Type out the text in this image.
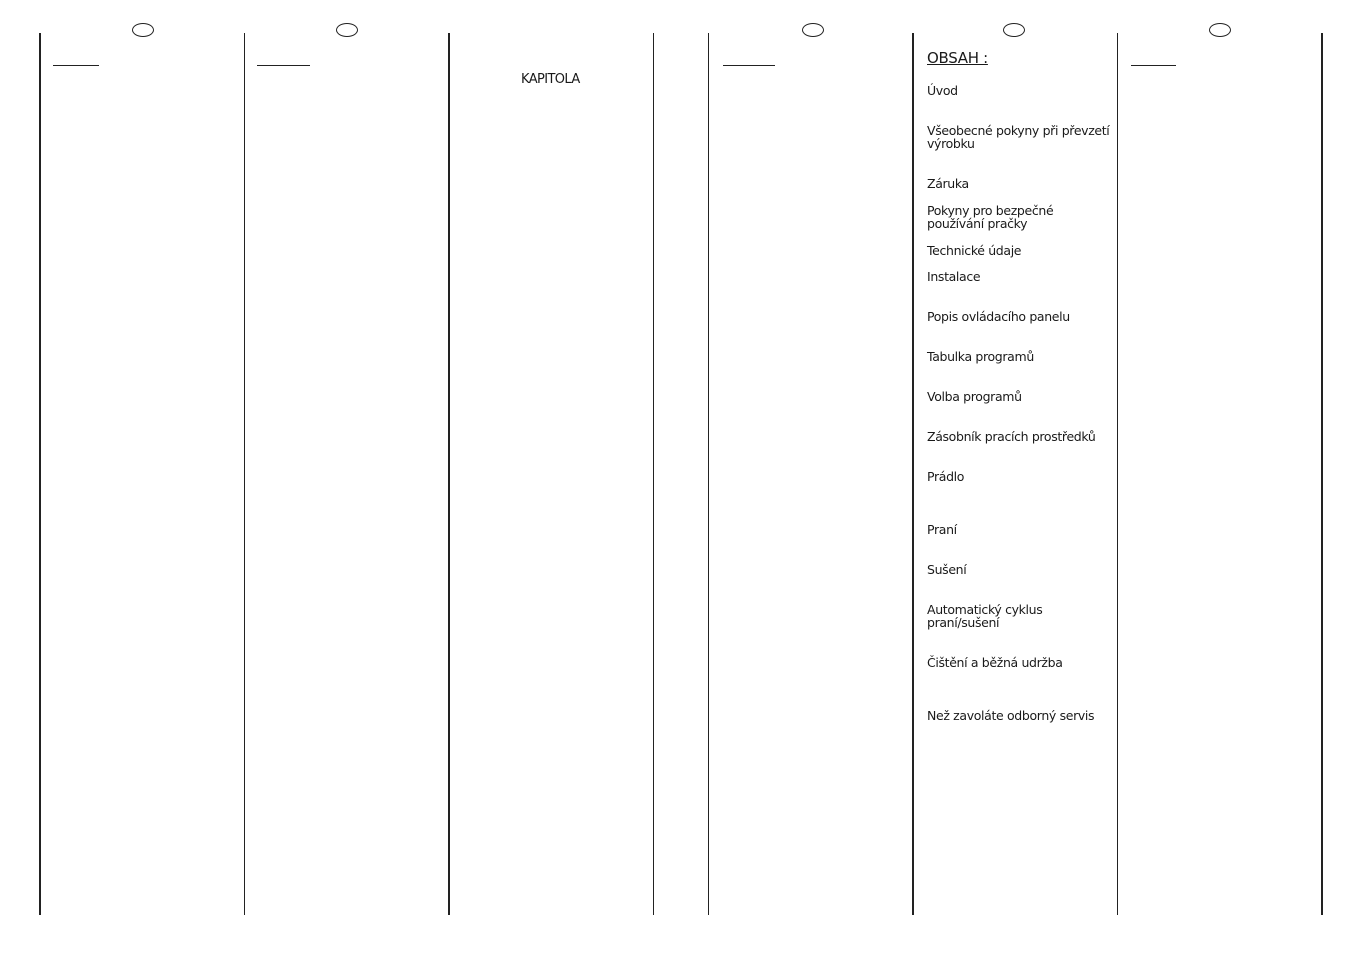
KAPITOLA
OBSAH :
Úvod
Všeobecné pokyny při převzetí výrobku
Záruka
Pokyny pro bezpečné používání pračky
Technické údaje
Instalace
Popis ovládacího panelu
Tabulka programů
Volba programů
Zásobník pracích prostředků
Prádlo
Praní
Sušení
Automatický cyklus praní/sušení
Čištění a běžná udržba
Než zavoláte odborný servis
